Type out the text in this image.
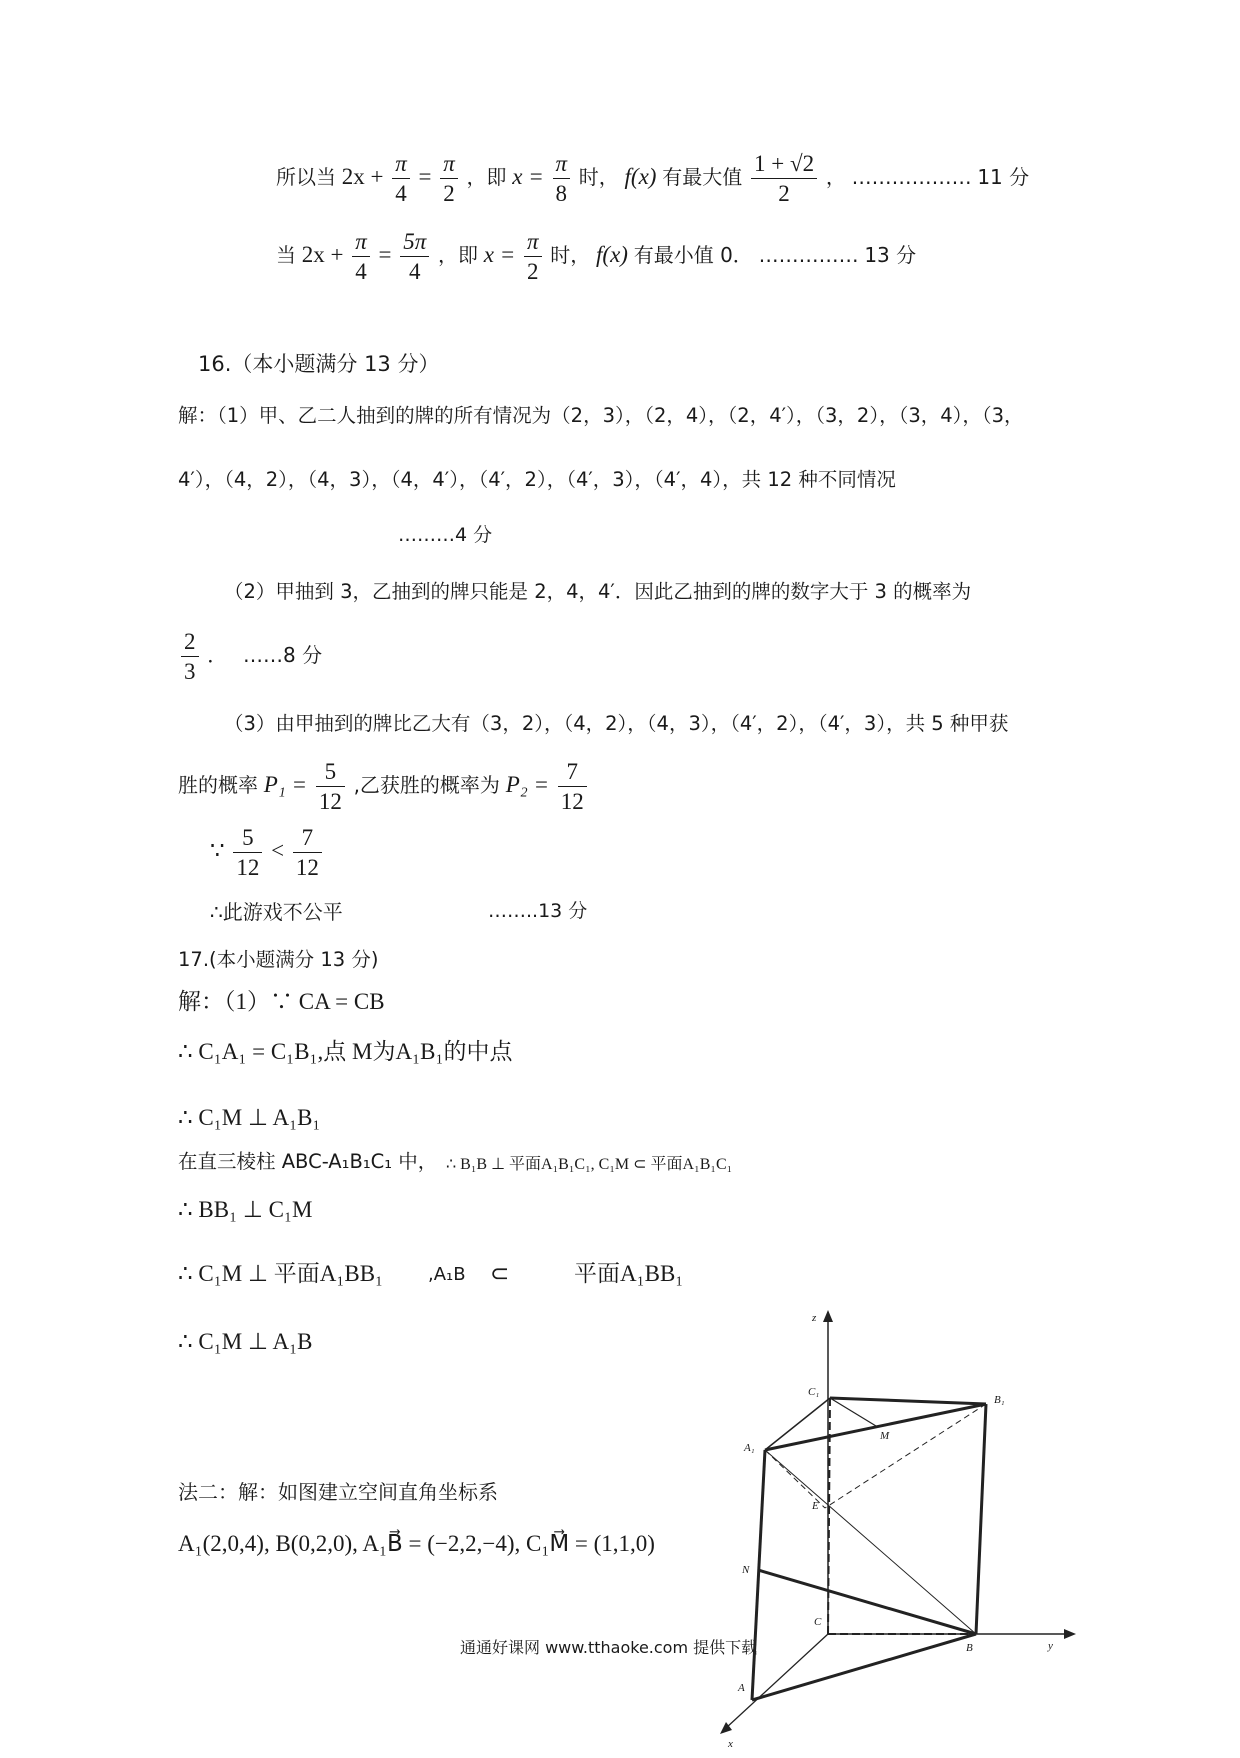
所以当 $2x + \frac{\pi}{4} = \frac{\pi}{2}$ ，即 $x = \frac{\pi}{8}$ 时， f(x) 有最大值 $\frac{1 + √2}{2}$ ， ……………… 11 分
当 $2x + \frac{\pi}{4} = \frac{5\pi}{4}$ ，即 $x = \frac{\pi}{2}$ 时， f(x) 有最小值 0． …………… 13 分
16.（本小题满分 13 分）
解：（1）甲、乙二人抽到的牌的所有情况为（2，3），（2，4），（2，4′），（3，2），（3，4），（3，
4′），（4，2），（4，3），（4，4′），（4′，2），（4′，3），（4′，4），共 12 种不同情况
………4 分
（2）甲抽到 3，乙抽到的牌只能是 2，4，4′．因此乙抽到的牌的数字大于 3 的概率为
$\frac{2}{3}$ ． ……8 分
（3）由甲抽到的牌比乙大有（3，2），（4，2），（4，3），（4′，2），（4′，3），共 5 种甲获
胜的概率 $P_1 = \frac{5}{12}$ ,乙获胜的概率为 $P_2 = \frac{7}{12}$
∵ $\frac{5}{12} < \frac{7}{12}$
∴此游戏不公平	……..13 分
17.(本小题满分 13 分)
解：（1）∵ CA = CB
∴ C₁A₁ = C₁B₁,点 M为A₁B₁的中点
∴ C₁M ⊥ A₁B₁
在直三棱柱 ABC-A₁B₁C₁ 中， ∴ B₁B ⊥ 平面A₁B₁C₁, C₁M ⊂ 平面A₁B₁C₁
∴ BB₁ ⊥ C₁M
∴ C₁M ⊥ 平面A₁BB₁ ,A₁B ⊂	平面A₁BB₁
∴ C₁M ⊥ A₁B
法二：解：如图建立空间直角坐标系
A₁(2,0,4), B(0,2,0), A₁B⃗ = (−2,2,−4), C₁M⃗ = (1,1,0)
通通好课网 www.tthaoke.com 提供下载
z
C₁
B₁
M
A₁
E
N
C
B
A
y
x
